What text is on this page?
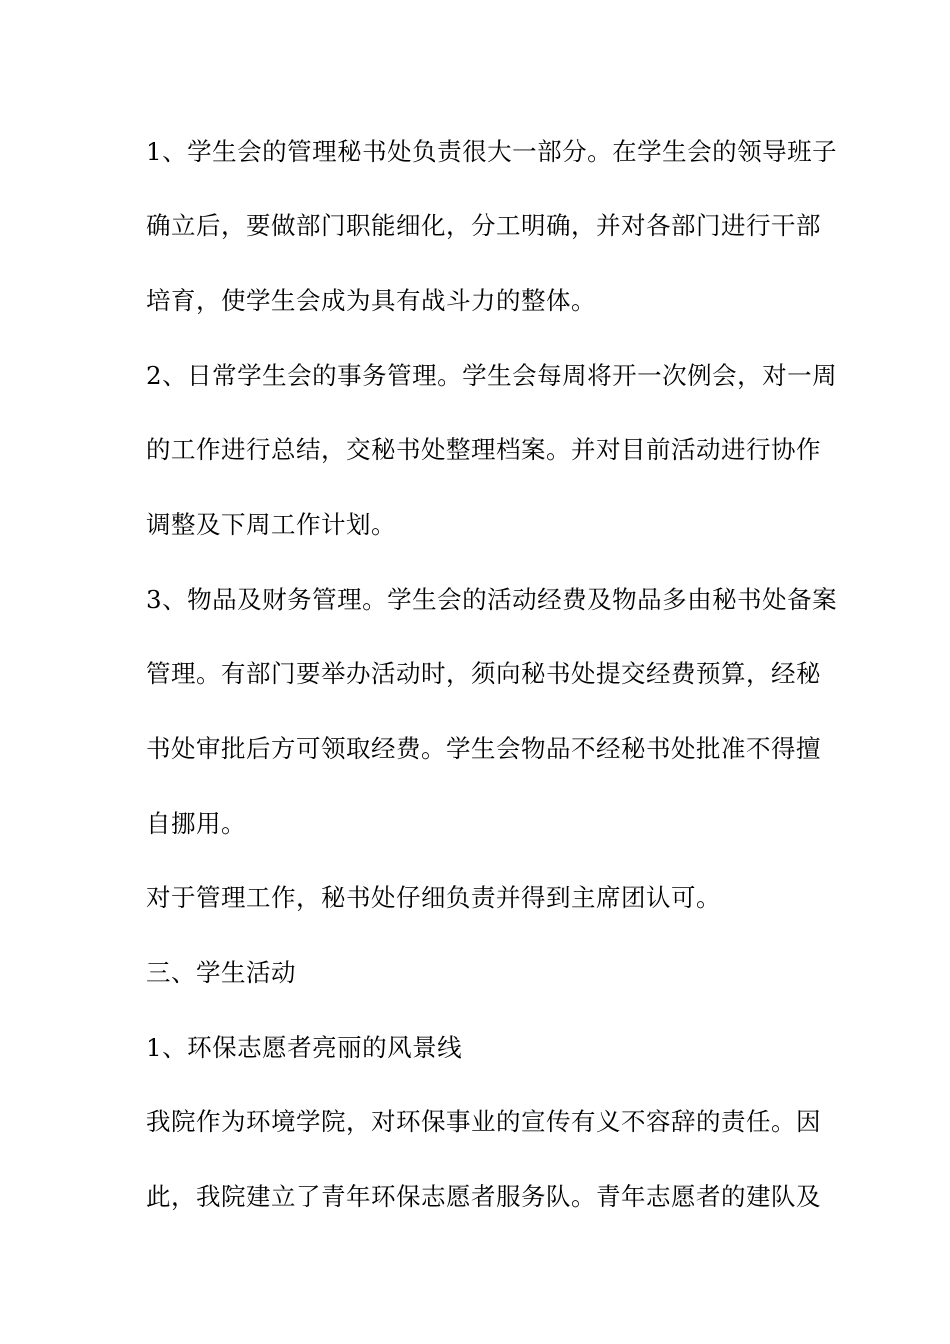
1、学生会的管理秘书处负责很大一部分。在学生会的领导班子
确立后，要做部门职能细化，分工明确，并对各部门进行干部
培育，使学生会成为具有战斗力的整体。
2、日常学生会的事务管理。学生会每周将开一次例会，对一周
的工作进行总结，交秘书处整理档案。并对目前活动进行协作
调整及下周工作计划。
3、物品及财务管理。学生会的活动经费及物品多由秘书处备案
管理。有部门要举办活动时，须向秘书处提交经费预算，经秘
书处审批后方可领取经费。学生会物品不经秘书处批准不得擅
自挪用。
对于管理工作，秘书处仔细负责并得到主席团认可。
三、学生活动
1、环保志愿者亮丽的风景线
我院作为环境学院，对环保事业的宣传有义不容辞的责任。因
此，我院建立了青年环保志愿者服务队。青年志愿者的建队及
